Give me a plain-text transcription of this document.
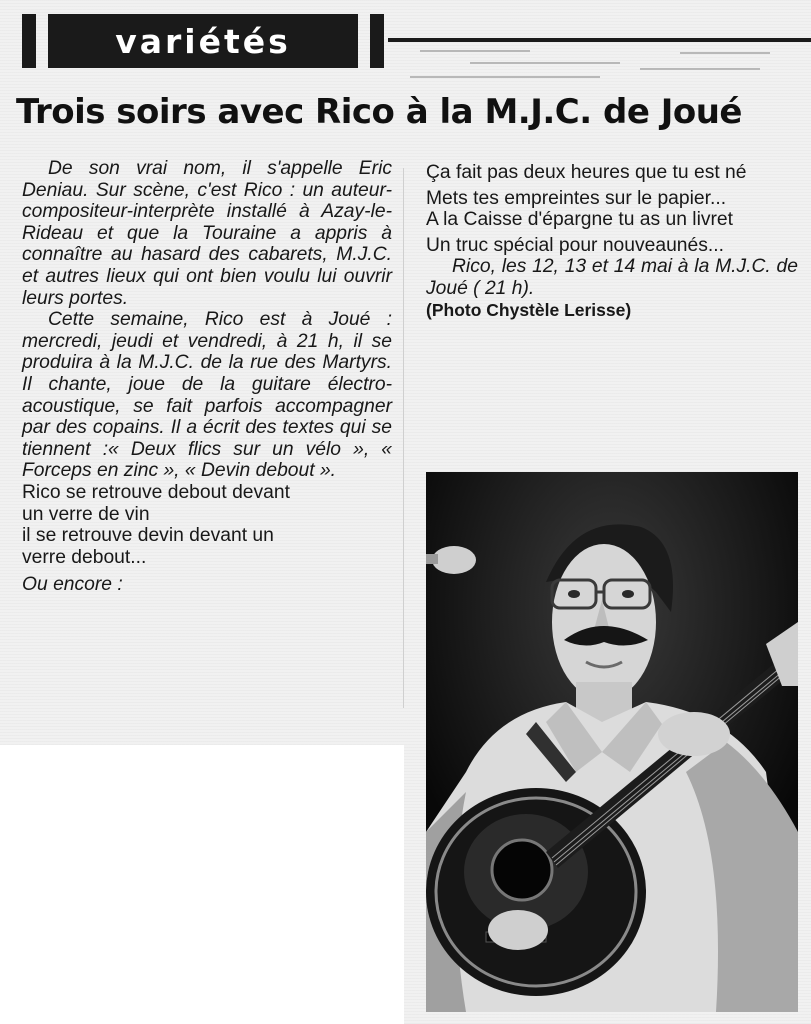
variétés
Trois soirs avec Rico à la M.J.C. de Joué

De son vrai nom, il s'appelle Eric Deniau. Sur scène, c'est Rico : un auteur-compositeur-interprète installé à Azay-le-Rideau et que la Touraine a appris à connaître au hasard des cabarets, M.J.C. et autres lieux qui ont bien voulu lui ouvrir leurs portes.

Cette semaine, Rico est à Joué : mercredi, jeudi et vendredi, à 21 h, il se produira à la M.J.C. de la rue des Martyrs. Il chante, joue de la guitare électro-acoustique, se fait parfois accompagner par des copains. Il a écrit des textes qui se tiennent :« Deux flics sur un vélo », « Forceps en zinc », « Devin debout ».

Rico se retrouve debout devant

un verre de vin

il se retrouve devin devant un

verre debout...

Ou encore :

Ça fait pas deux heures que tu est né

Mets tes empreintes sur le papier...

A la Caisse d'épargne tu as un livret

Un truc spécial pour nouveaunés...

Rico, les 12, 13 et 14 mai à la M.J.C. de Joué ( 21 h).

(Photo Chystèle Lerisse)
